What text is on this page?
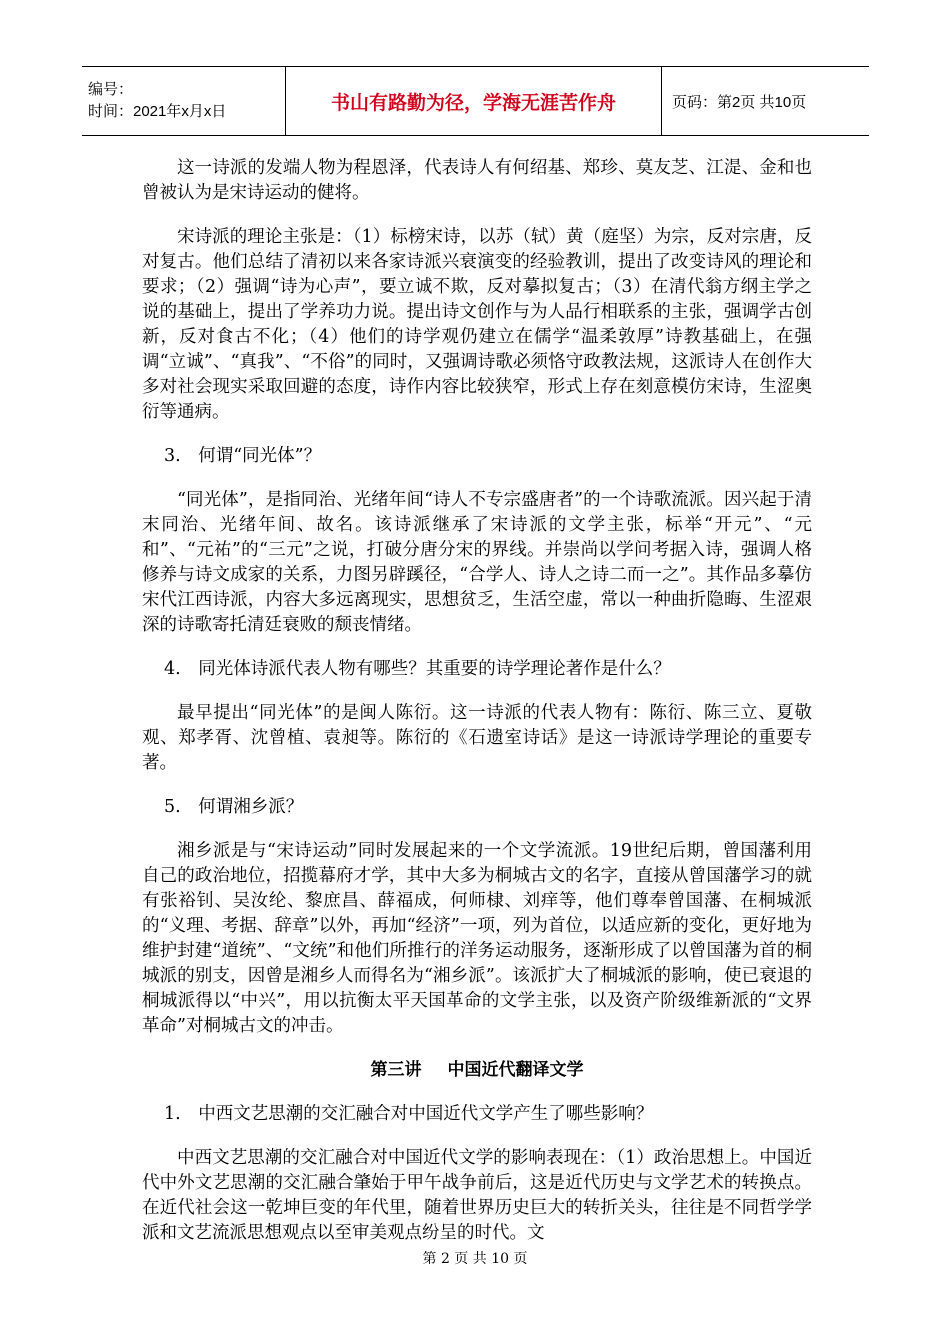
编号：
时间：2021年x月x日	书山有路勤为径，学海无涯苦作舟	页码：第2页 共10页

这一诗派的发端人物为程恩泽，代表诗人有何绍基、郑珍、莫友芝、江湜、金和也曾被认为是宋诗运动的健将。

宋诗派的理论主张是：（1）标榜宋诗，以苏（轼）黄（庭坚）为宗，反对宗唐，反对复古。他们总结了清初以来各家诗派兴衰演变的经验教训，提出了改变诗风的理论和要求；（2）强调“诗为心声”，要立诚不欺，反对摹拟复古；（3）在清代翁方纲主学之说的基础上，提出了学养功力说。提出诗文创作与为人品行相联系的主张，强调学古创新，反对食古不化；（4）他们的诗学观仍建立在儒学“温柔敦厚”诗教基础上，在强调“立诚”、“真我”、“不俗”的同时，又强调诗歌必须恪守政教法规，这派诗人在创作大多对社会现实采取回避的态度，诗作内容比较狭窄，形式上存在刻意模仿宋诗，生涩奥衍等通病。

3.　何谓“同光体”？

“同光体”，是指同治、光绪年间“诗人不专宗盛唐者”的一个诗歌流派。因兴起于清末同治、光绪年间、故名。该诗派继承了宋诗派的文学主张，标举“开元”、“元和”、“元祐”的“三元”之说，打破分唐分宋的界线。并崇尚以学问考据入诗，强调人格修养与诗文成家的关系，力图另辟蹊径，“合学人、诗人之诗二而一之”。其作品多摹仿宋代江西诗派，内容大多远离现实，思想贫乏，生活空虚，常以一种曲折隐晦、生涩艰深的诗歌寄托清廷衰败的颓丧情绪。

4.　同光体诗派代表人物有哪些？其重要的诗学理论著作是什么？

最早提出“同光体”的是闽人陈衍。这一诗派的代表人物有：陈衍、陈三立、夏敬观、郑孝胥、沈曾植、袁昶等。陈衍的《石遗室诗话》是这一诗派诗学理论的重要专著。

5.　何谓湘乡派？

湘乡派是与“宋诗运动”同时发展起来的一个文学流派。19世纪后期，曾国藩利用自己的政治地位，招揽幕府才学，其中大多为桐城古文的名字，直接从曾国藩学习的就有张裕钊、吴汝纶、黎庶昌、薛福成，何师棣、刘痒等，他们尊奉曾国藩、在桐城派的“义理、考据、辞章”以外，再加“经济”一项，列为首位，以适应新的变化，更好地为维护封建“道统”、“文统”和他们所推行的洋务运动服务，逐渐形成了以曾国藩为首的桐城派的别支，因曾是湘乡人而得名为“湘乡派”。该派扩大了桐城派的影响，使已衰退的桐城派得以“中兴”，用以抗衡太平天国革命的文学主张，以及资产阶级维新派的“文界革命”对桐城古文的冲击。

第三讲 中国近代翻译文学

1.　中西文艺思潮的交汇融合对中国近代文学产生了哪些影响？

中西文艺思潮的交汇融合对中国近代文学的影响表现在：（1）政治思想上。中国近代中外文艺思潮的交汇融合肇始于甲午战争前后，这是近代历史与文学艺术的转换点。在近代社会这一乾坤巨变的年代里，随着世界历史巨大的转折关头，往往是不同哲学学派和文艺流派思想观点以至审美观点纷呈的时代。文

第 2 页 共 10 页
